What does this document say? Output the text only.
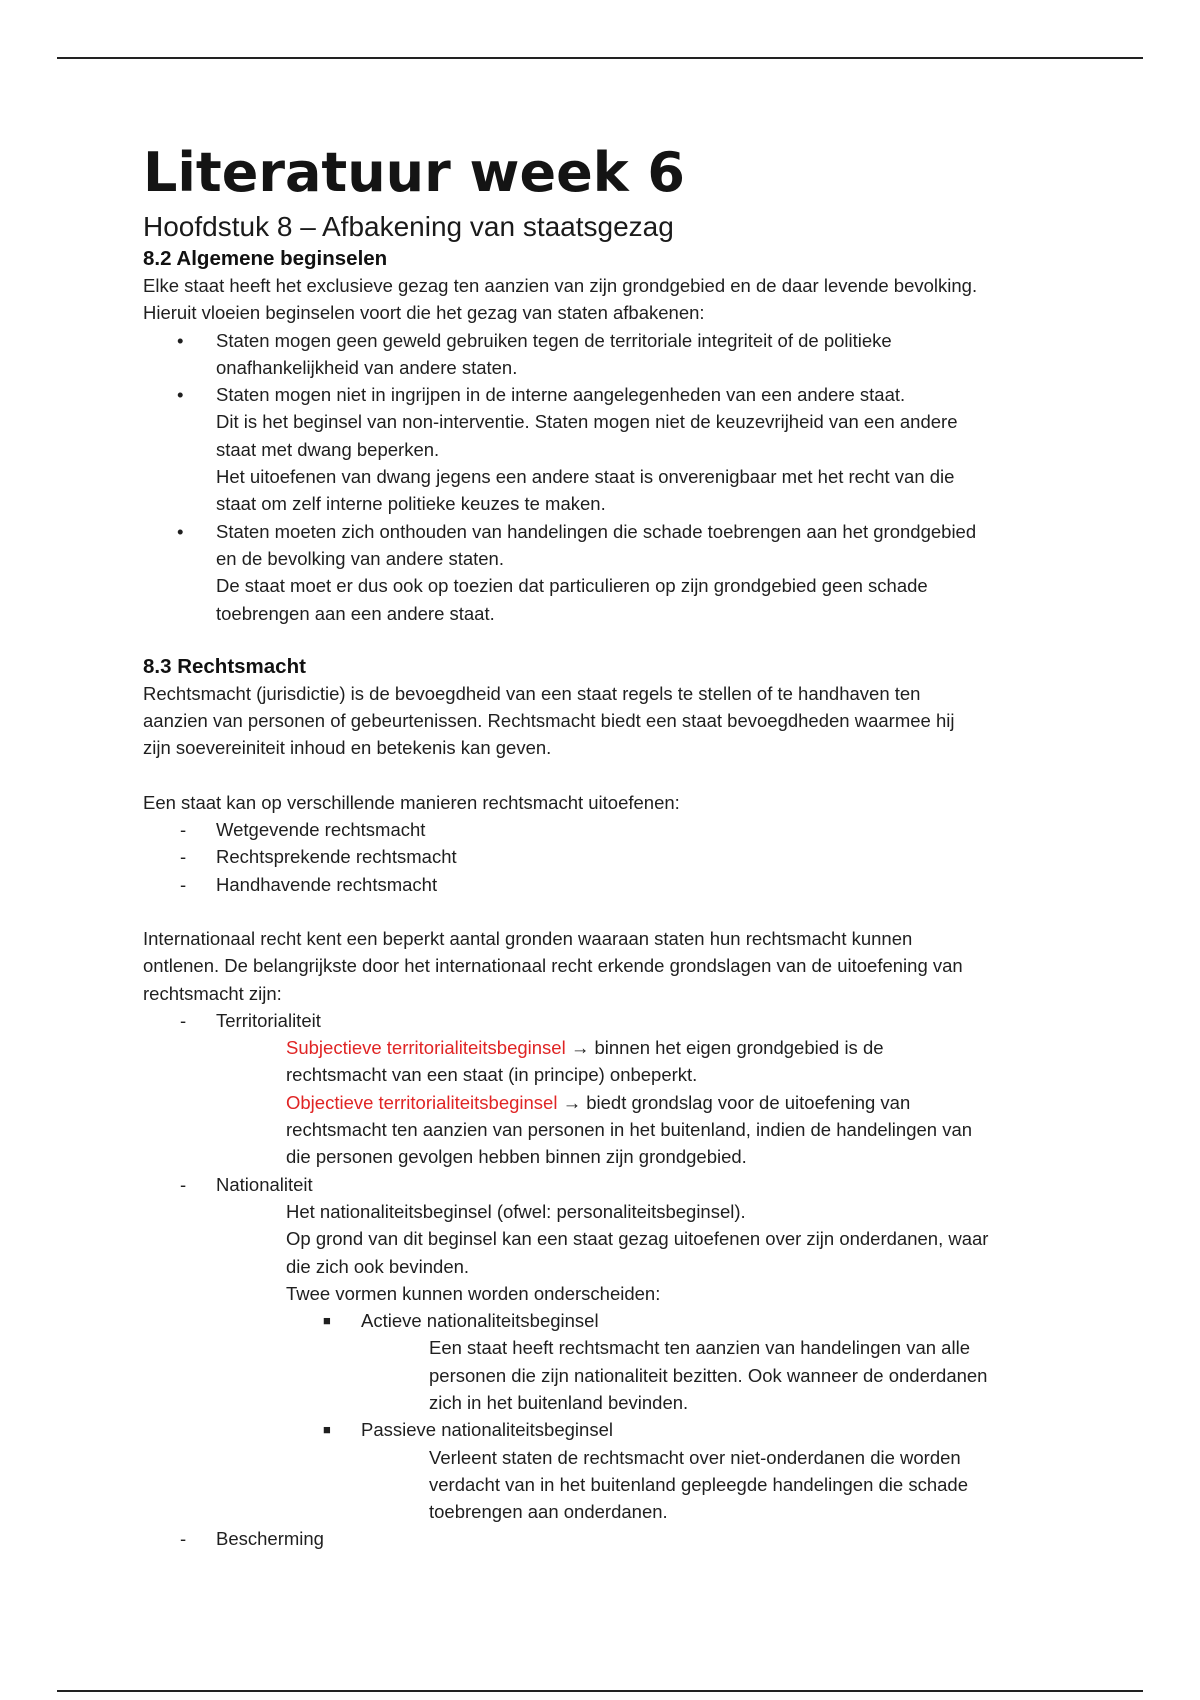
Literatuur week 6
Hoofdstuk 8 – Afbakening van staatsgezag
8.2 Algemene beginselen

Elke staat heeft het exclusieve gezag ten aanzien van zijn grondgebied en de daar levende bevolking.
Hieruit vloeien beginselen voort die het gezag van staten afbakenen:

• Staten mogen geen geweld gebruiken tegen de territoriale integriteit of de politieke
onafhankelijkheid van andere staten.
• Staten mogen niet in ingrijpen in de interne aangelegenheden van een andere staat.
Dit is het beginsel van non-interventie. Staten mogen niet de keuzevrijheid van een andere
staat met dwang beperken.
Het uitoefenen van dwang jegens een andere staat is onverenigbaar met het recht van die
staat om zelf interne politieke keuzes te maken.
• Staten moeten zich onthouden van handelingen die schade toebrengen aan het grondgebied
en de bevolking van andere staten.
De staat moet er dus ook op toezien dat particulieren op zijn grondgebied geen schade
toebrengen aan een andere staat.
8.3 Rechtsmacht

Rechtsmacht (jurisdictie) is de bevoegdheid van een staat regels te stellen of te handhaven ten
aanzien van personen of gebeurtenissen. Rechtsmacht biedt een staat bevoegdheden waarmee hij
zijn soevereiniteit inhoud en betekenis kan geven.

Een staat kan op verschillende manieren rechtsmacht uitoefenen:

- Wetgevende rechtsmacht
- Rechtsprekende rechtsmacht
- Handhavende rechtsmacht

Internationaal recht kent een beperkt aantal gronden waaraan staten hun rechtsmacht kunnen
ontlenen. De belangrijkste door het internationaal recht erkende grondslagen van de uitoefening van
rechtsmacht zijn:

- Territorialiteit
Subjectieve territorialiteitsbeginsel → binnen het eigen grondgebied is de
rechtsmacht van een staat (in principe) onbeperkt.
Objectieve territorialiteitsbeginsel → biedt grondslag voor de uitoefening van
rechtsmacht ten aanzien van personen in het buitenland, indien de handelingen van
die personen gevolgen hebben binnen zijn grondgebied.
- Nationaliteit
Het nationaliteitsbeginsel (ofwel: personaliteitsbeginsel).
Op grond van dit beginsel kan een staat gezag uitoefenen over zijn onderdanen, waar
die zich ook bevinden.
Twee vormen kunnen worden onderscheiden:
■ Actieve nationaliteitsbeginsel
Een staat heeft rechtsmacht ten aanzien van handelingen van alle
personen die zijn nationaliteit bezitten. Ook wanneer de onderdanen
zich in het buitenland bevinden.
■ Passieve nationaliteitsbeginsel
Verleent staten de rechtsmacht over niet-onderdanen die worden
verdacht van in het buitenland gepleegde handelingen die schade
toebrengen aan onderdanen.
- Bescherming
